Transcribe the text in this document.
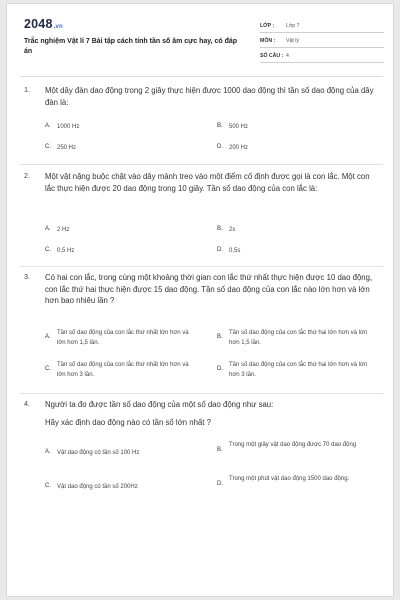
2048.vn
Trắc nghiệm Vật lí 7 Bài tập cách tính tần số âm cực hay, có đáp án
LỚP : Lớp 7
MÔN : Vật lý
SỐ CÂU : 4
1. Một dây đàn dao động trong 2 giây thực hiện được 1000 dao động thì tần số dao động của dây đàn là:
A. 1000 Hz	B. 500 Hz
C. 250 Hz	D. 200 Hz
2. Một vật nặng buộc chặt vào dây mảnh treo vào một điểm cố định được gọi là con lắc. Một con lắc thực hiện được 20 dao động trong 10 giây. Tần số dao động của con lắc là:
A. 2 Hz	B. 2s
C. 0,5 Hz	D. 0,5s
3. Có hai con lắc, trong cùng một khoảng thời gian con lắc thứ nhất thực hiện được 10 dao động, con lắc thứ hai thực hiện được 15 dao động. Tần số dao động của con lắc nào lớn hơn và lớn hơn bao nhiêu lần ?
A.
Tần số dao động của con lắc thứ nhất lớn hơn và lớn hơn 1,5 lần.
B.
Tần số dao động của con lắc thứ hai lớn hơn và lớn hơn 1,5 lần.
C.
Tần số dao động của con lắc thứ nhất lớn hơn và lớn hơn 3 lần.
D.
Tần số dao động của con lắc thứ hai lớn hơn và lớn hơn 3 lần.
4. Người ta đo được tần số dao động của một số dao động như sau:
Hãy xác định dao động nào có tần số lớn nhất ?
A. Vật dao động có tần số 100 Hz	B.
Trong một giây vật dao động được 70 dao động
C. Vật dao động có tần số 200Hz	D.
Trong một phút vật dao động 1500 dao động.
